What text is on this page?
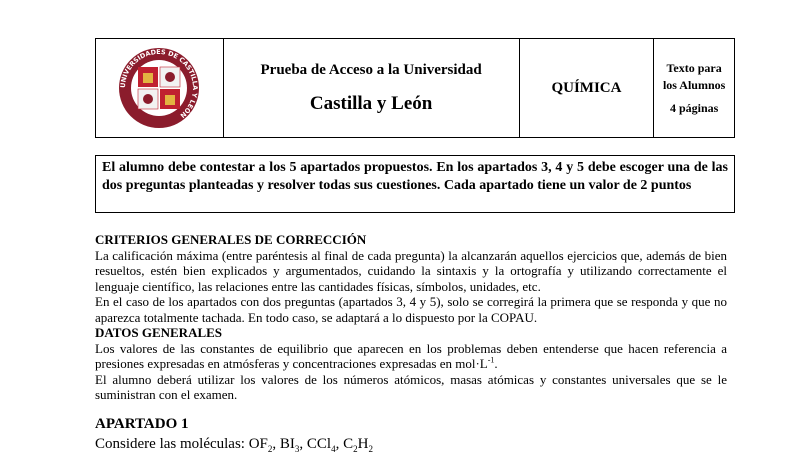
UNIVERSIDADES DE CASTILLA Y LEÓN
Prueba de Acceso a la Universidad
Castilla y León
QUÍMICA
Texto para
los Alumnos
4 páginas
El alumno debe contestar a los 5 apartados propuestos. En los apartados 3, 4 y 5 debe escoger una de las dos preguntas planteadas y resolver todas sus cuestiones. Cada apartado tiene un valor de 2 puntos
CRITERIOS GENERALES DE CORRECCIÓN
La calificación máxima (entre paréntesis al final de cada pregunta) la alcanzarán aquellos ejercicios que, además de bien resueltos, estén bien explicados y argumentados, cuidando la sintaxis y la ortografía y utilizando correctamente el lenguaje científico, las relaciones entre las cantidades físicas, símbolos, unidades, etc.
En el caso de los apartados con dos preguntas (apartados 3, 4 y 5), solo se corregirá la primera que se responda y que no aparezca totalmente tachada. En todo caso, se adaptará a lo dispuesto por la COPAU.
DATOS GENERALES
Los valores de las constantes de equilibrio que aparecen en los problemas deben entenderse que hacen referencia a presiones expresadas en atmósferas y concentraciones expresadas en $mol\cdot L^{-1}$.
El alumno deberá utilizar los valores de los números atómicos, masas atómicas y constantes universales que se le suministran con el examen.
APARTADO 1
Considere las moléculas: $OF_2$, $BI_3$, CCl$_4$, $C_2H_2$
